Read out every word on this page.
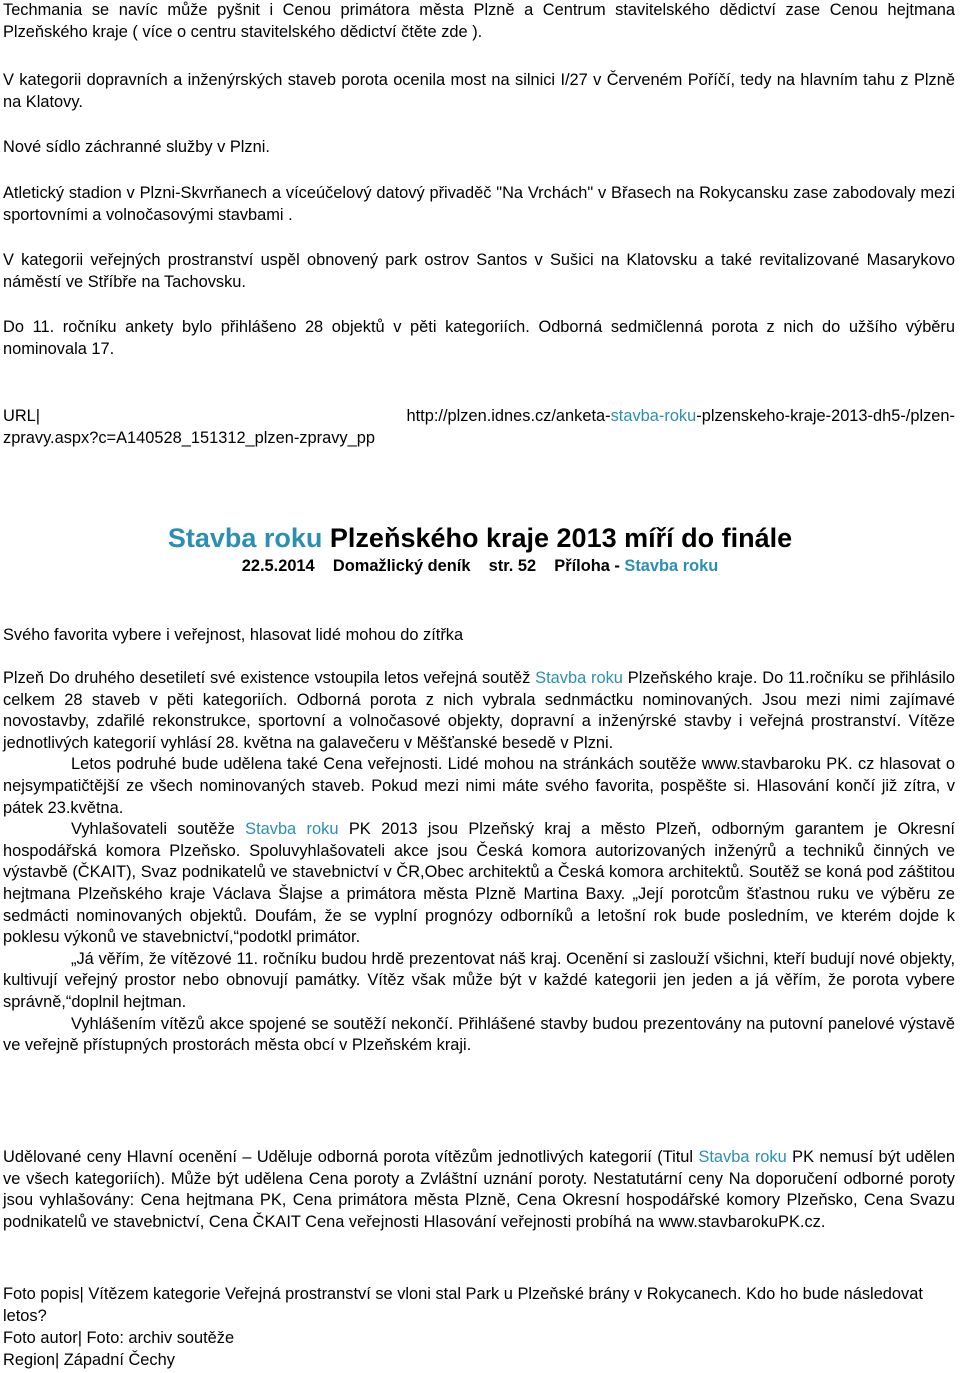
Techmania se navíc může pyšnit i Cenou primátora města Plzně a Centrum stavitelského dědictví zase Cenou hejtmana Plzeňského kraje ( více o centru stavitelského dědictví čtěte zde ).

V kategorii dopravních a inženýrských staveb porota ocenila most na silnici I/27 v Červeném Poříčí, tedy na hlavním tahu z Plzně na Klatovy.

Nové sídlo záchranné služby v Plzni.

Atletický stadion v Plzni-Skvrňanech a víceúčelový datový přivaděč "Na Vrchách" v Břasech na Rokycansku zase zabodovaly mezi sportovními a volnočasovými stavbami .

V kategorii veřejných prostranství uspěl obnovený park ostrov Santos v Sušici na Klatovsku a také revitalizované Masarykovo náměstí ve Stříbře na Tachovsku.

Do 11. ročníku ankety bylo přihlášeno 28 objektů v pěti kategoriích. Odborná sedmičlenná porota z nich do užšího výběru nominovala 17.

URL|	http://plzen.idnes.cz/anketa-stavba-roku-plzenskeho-kraje-2013-dh5-/plzen-
zpravy.aspx?c=A140528_151312_plzen-zpravy_pp
Stavba roku Plzeňského kraje 2013 míří do finále
22.5.2014 Domažlický deník str. 52 Příloha - Stavba roku

Svého favorita vybere i veřejnost, hlasovat lidé mohou do zítřka

Plzeň Do druhého desetiletí své existence vstoupila letos veřejná soutěž Stavba roku Plzeňského kraje. Do 11.ročníku se přihlásilo celkem 28 staveb v pěti kategoriích. Odborná porota z nich vybrala sednmáctku nominovaných. Jsou mezi nimi zajímavé novostavby, zdařilé rekonstrukce, sportovní a volnočasové objekty, dopravní a inženýrské stavby i veřejná prostranství. Vítěze jednotlivých kategorií vyhlásí 28. května na galavečeru v Měšťanské besedě v Plzni.
Letos podruhé bude udělena také Cena veřejnosti. Lidé mohou na stránkách soutěže www.stavbaroku PK. cz hlasovat o nejsympatičtější ze všech nominovaných staveb. Pokud mezi nimi máte svého favorita, pospěšte si. Hlasování končí již zítra, v pátek 23.května.
Vyhlašovateli soutěže Stavba roku PK 2013 jsou Plzeňský kraj a město Plzeň, odborným garantem je Okresní hospodářská komora Plzeňsko. Spoluvyhlašovateli akce jsou Česká komora autorizovaných inženýrů a techniků činných ve výstavbě (ČKAIT), Svaz podnikatelů ve stavebnictví v ČR,Obec architektů a Česká komora architektů. Soutěž se koná pod záštitou hejtmana Plzeňského kraje Václava Šlajse a primátora města Plzně Martina Baxy. „Její porotcům šťastnou ruku ve výběru ze sedmácti nominovaných objektů. Doufám, že se vyplní prognózy odborníků a letošní rok bude posledním, ve kterém dojde k poklesu výkonů ve stavebnictví,“podotkl primátor.
„Já věřím, že vítězové 11. ročníku budou hrdě prezentovat náš kraj. Ocenění si zaslouží všichni, kteří budují nové objekty, kultivují veřejný prostor nebo obnovují památky. Vítěz však může být v každé kategorii jen jeden a já věřím, že porota vybere správně,“doplnil hejtman.
Vyhlášením vítězů akce spojené se soutěží nekončí. Přihlášené stavby budou prezentovány na putovní panelové výstavě ve veřejně přístupných prostorách města obcí v Plzeňském kraji.
Udělované ceny Hlavní ocenění – Uděluje odborná porota vítězům jednotlivých kategorií (Titul Stavba roku PK nemusí být udělen ve všech kategoriích). Může být udělena Cena poroty a Zvláštní uznání poroty. Nestatutární ceny Na doporučení odborné poroty jsou vyhlašovány: Cena hejtmana PK, Cena primátora města Plzně, Cena Okresní hospodářské komory Plzeňsko, Cena Svazu podnikatelů ve stavebnictví, Cena ČKAIT Cena veřejnosti Hlasování veřejnosti probíhá na www.stavbarokuPK.cz.
Foto popis| Vítězem kategorie Veřejná prostranství se vloni stal Park u Plzeňské brány v Rokycanech. Kdo ho bude následovat letos?
Foto autor| Foto: archiv soutěže
Region| Západní Čechy
